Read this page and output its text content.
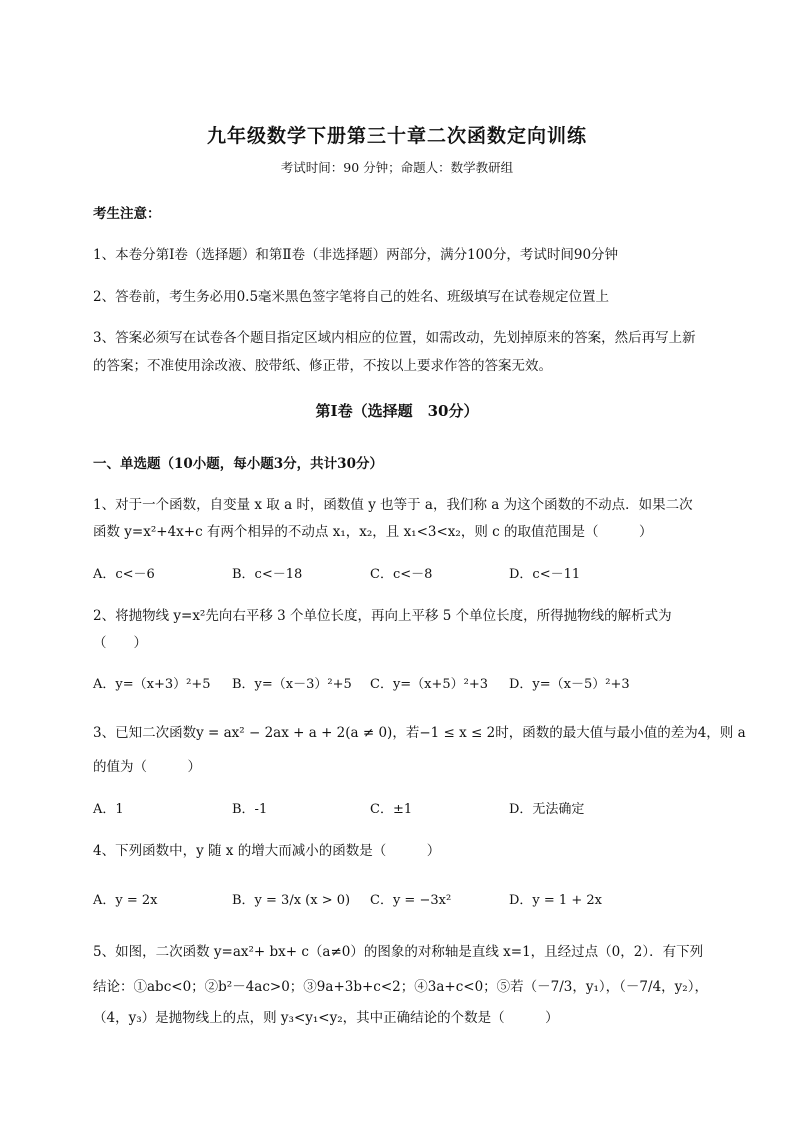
九年级数学下册第三十章二次函数定向训练
考试时间：90 分钟；命题人：数学教研组
考生注意：
1、本卷分第Ⅰ卷（选择题）和第Ⅱ卷（非选择题）两部分，满分100分，考试时间90分钟
2、答卷前，考生务必用0.5毫米黑色签字笔将自己的姓名、班级填写在试卷规定位置上
3、答案必须写在试卷各个题目指定区域内相应的位置，如需改动，先划掉原来的答案，然后再写上新
的答案；不准使用涂改液、胶带纸、修正带，不按以上要求作答的答案无效。
第Ⅰ卷（选择题　30分）
一、单选题（10小题，每小题3分，共计30分）
1、对于一个函数，自变量 x 取 a 时，函数值 y 也等于 a，我们称 a 为这个函数的不动点．如果二次
函数 y=x²+4x+c 有两个相异的不动点 x₁，x₂，且 x₁<3<x₂，则 c 的取值范围是（　　　）
A．c<－6	B．c<－18	C．c<－8	D．c<－11
2、将抛物线 y=x²先向右平移 3 个单位长度，再向上平移 5 个单位长度，所得抛物线的解析式为
（　　）
A．y=（x+3）²+5 B．y=（x－3）²+5 C．y=（x+5）²+3 D．y=（x－5）²+3
3、已知二次函数y = ax² − 2ax + a + 2(a ≠ 0)，若−1 ≤ x ≤ 2时，函数的最大值与最小值的差为4，则 a
的值为（　　　）
A．1	B．-1	C．±1	D．无法确定
4、下列函数中，y 随 x 的增大而减小的函数是（　　　）
A．y = 2x	B．y = 3/x (x > 0) C．y = −3x²	D．y = 1 + 2x
5、如图，二次函数 y=ax²+ bx+ c（a≠0）的图象的对称轴是直线 x=1，且经过点（0，2）．有下列
结论：①abc<0；②b²－4ac>0；③9a+3b+c<2；④3a+c<0；⑤若（－7/3，y₁），（－7/4，y₂），
（4，y₃）是抛物线上的点，则 y₃<y₁<y₂，其中正确结论的个数是（　　　）
